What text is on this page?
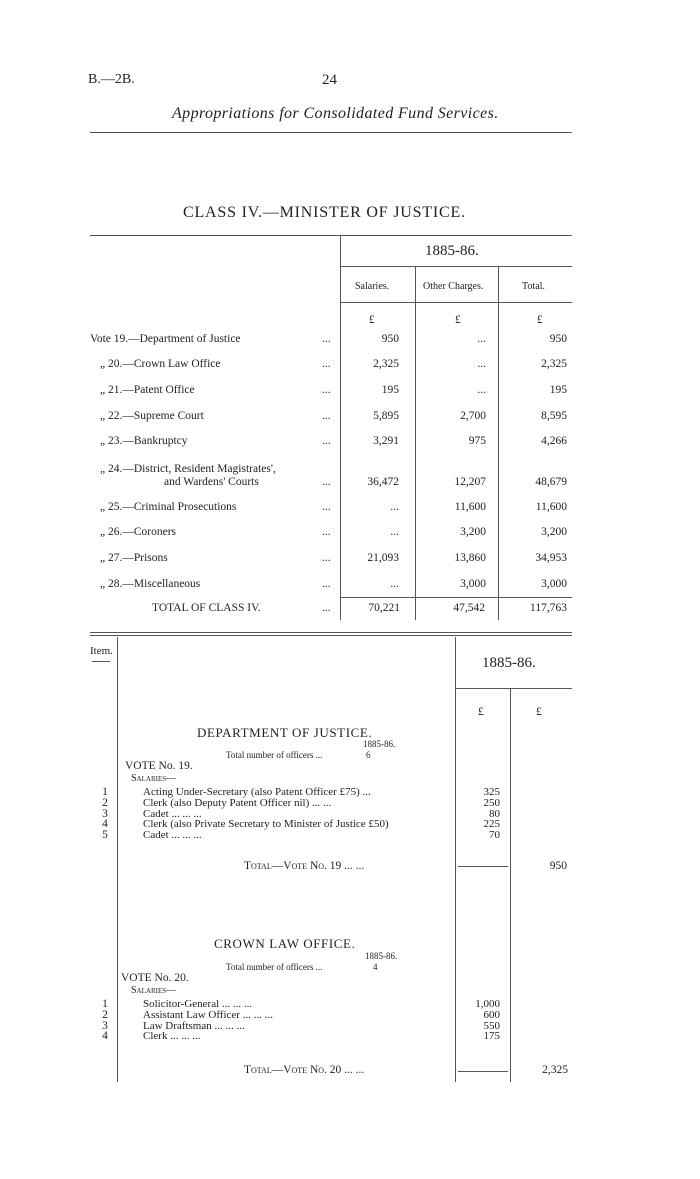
B.—2B.	24
Appropriations for Consolidated Fund Services.
CLASS IV.—MINISTER OF JUSTICE.
1885-86.
Salaries.	Other Charges.	Total.
£	£	£
Vote 19.—Department of Justice	...	950	...	950
„ 20.—Crown Law Office	...	2,325	...	2,325
„ 21.—Patent Office	...	195	...	195
„ 22.—Supreme Court	...	5,895	2,700	8,595
„ 23.—Bankruptcy	...	3,291	975	4,266
„ 24.—District, Resident Magistrates',
and Wardens' Courts	...	36,472	12,207	48,679
„ 25.—Criminal Prosecutions	...	...	11,600	11,600
„ 26.—Coroners	...	...	3,200	3,200
„ 27.—Prisons	...	21,093	13,860	34,953
„ 28.—Miscellaneous	...	...	3,000	3,000
TOTAL OF CLASS IV.	...	70,221	47,542	117,763
Item.
1885-86.
£	£
DEPARTMENT OF JUSTICE.
1885-86.
Total number of officers ...	6
VOTE No. 19.
Salaries—
1	Acting Under-Secretary (also Patent Officer £75) ...	325
2	Clerk (also Deputy Patent Officer nil) ... ...	250
3	Cadet ... ... ...	80
4	Clerk (also Private Secretary to Minister of Justice £50)	225
5	Cadet ... ... ...	70
Total—Vote No. 19 ... ...	950
CROWN LAW OFFICE.
1885-86.
Total number of officers ...	4
VOTE No. 20.
Salaries—
1	Solicitor-General ... ... ...	1,000
2	Assistant Law Officer ... ... ...	600
3	Law Draftsman ... ... ...	550
4	Clerk ... ... ...	175
Total—Vote No. 20 ... ...	2,325
